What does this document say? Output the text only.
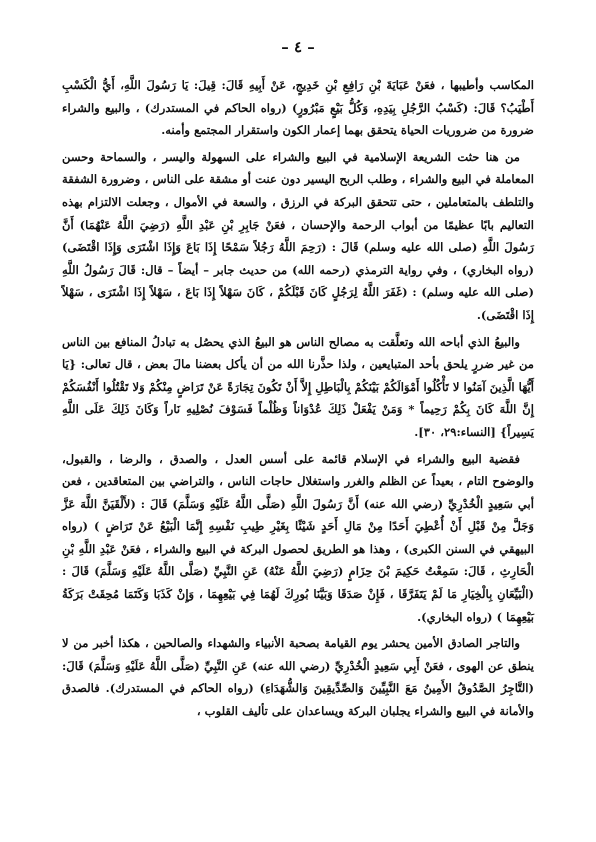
– ٤ –

المكاسب وأطيبها ، فعَنْ عَبَايَةَ بْنِ رَافِعِ بْنِ خَدِيجٍ، عَنْ أَبِيهِ قَالَ: قِيلَ: يَا رَسُولَ اللَّهِ، أَيُّ الْكَسْبِ أَطْيَبُ؟ قَالَ: (كَسْبُ الرَّجُلِ بِيَدِهِ، وَكُلُّ بَيْعٍ مَبْرُورٍ) (رواه الحاكم في المستدرك) ، والبيع والشراء ضرورة من ضروريات الحياة يتحقق بهما إعمار الكون واستقرار المجتمع وأمنه.

من هنا حثت الشريعة الإسلامية في البيع والشراء على السهولة واليسر ، والسماحة وحسن المعاملة في البيع والشراء ، وطلب الربح اليسير دون عنت أو مشقة على الناس ، وضرورة الشفقة والتلطف بالمتعاملين ، حتى تتحقق البركة في الرزق ، والسعة في الأموال ، وجعلت الالتزام بهذه التعاليم بابًا عظيمًا من أبواب الرحمة والإحسان ، فعَنْ جَابِرِ بْنِ عَبْدِ اللَّهِ (رَضِيَ اللَّهُ عَنْهُمَا) أَنَّ رَسُولَ اللَّهِ (صلى الله عليه وسلم) قَالَ : (رَحِمَ اللَّهُ رَجُلاً سَمْحًا إِذَا بَاعَ وَإِذَا اشْتَرَى وَإِذَا اقْتَضَى) (رواه البخاري) ، وفي رواية الترمذي (رحمه الله) من حديث جابر – أيضاً – قال: قَالَ رَسُولُ اللَّهِ (صلى الله عليه وسلم) : (غَفَرَ اللَّهُ لِرَجُلٍ كَانَ قَبْلَكُمْ ، كَانَ سَهْلاً إِذَا بَاعَ ، سَهْلاً إِذَا اشْتَرَى ، سَهْلاً إِذَا اقْتَضَى).

والبيعُ الذي أباحه الله وتعلَّقت به مصالح الناس هو البيعُ الذي يحصُل به تبادلُ المنافع بين الناس من غير ضررٍ يلحق بأحد المتبايعين ، ولذا حذَّرنا الله من أن يأكل بعضنا مالَ بعض ، قال تعالى: {يَا أَيُّهَا الَّذِينَ آمَنُوا لا تَأْكُلُوا أَمْوَالَكُمْ بَيْنَكُمْ بِالْبَاطِلِ إِلاَّ أَنْ تَكُونَ تِجَارَةً عَنْ تَرَاضٍ مِنْكُمْ وَلا تَقْتُلُوا أَنْفُسَكُمْ إِنَّ اللَّهَ كَانَ بِكُمْ رَحِيماً * وَمَنْ يَفْعَلْ ذَلِكَ عُدْوَاناً وَظُلْماً فَسَوْفَ نُصْلِيهِ نَاراً وَكَانَ ذَلِكَ عَلَى اللَّهِ يَسِيراً} [النساء:٢٩، ٣٠].

فقضية البيع والشراء في الإسلام قائمة على أسس العدل ، والصدق ، والرضا ، والقبول، والوضوح التام ، بعيداً عن الظلم والغرر واستغلال حاجات الناس ، والتراضي بين المتعاقدين ، فعن أبي سَعِيدٍ الْخُدْرِيِّ (رضي الله عنه) أَنَّ رَسُولَ اللَّهِ (صَلَّى اللَّهُ عَلَيْهِ وَسَلَّمَ) قَالَ : (لأَلْقَيَنَّ اللَّهَ عَزَّ وَجَلَّ مِنْ قَبْلِ أَنْ أُعْطِيَ أَحَدًا مِنْ مَالِ أَحَدٍ شَيْئًا بِغَيْرِ طِيبِ نَفْسِهِ إِنَّمَا الْبَيْعُ عَنْ تَرَاضٍ ) (رواه البيهقي في السنن الكبرى) ، وهذا هو الطريق لحصول البركة في البيع والشراء ، فعَنْ عَبْدِ اللَّهِ بْنِ الْحَارِثِ ، قَالَ: سَمِعْتُ حَكِيمَ بْنَ حِزَامٍ (رَضِيَ اللَّهُ عَنْهُ) عَنِ النَّبِيِّ (صَلَّى اللَّهُ عَلَيْهِ وَسَلَّمَ) قَالَ : (الْبَيِّعَانِ بِالْخِيَارِ مَا لَمْ يَتَفَرَّقَا ، فَإِنْ صَدَقَا وَبَيَّنَا بُورِكَ لَهُمَا فِي بَيْعِهِمَا ، وَإِنْ كَذَبَا وَكَتَمَا مُحِقَتْ بَرَكَةُ بَيْعِهِمَا ) (رواه البخاري).

والتاجر الصادق الأمين يحشر يوم القيامة بصحبة الأنبياء والشهداء والصالحين ، هكذا أخبر من لا ينطق عن الهوى ، فعَنْ أَبِي سَعِيدٍ الْخُدْرِيِّ (رضي الله عنه) عَنِ النَّبِيِّ (صَلَّى اللَّهُ عَلَيْهِ وَسَلَّمَ) قَالَ: (التَّاجِرُ الصَّدُوقُ الأَمِينُ مَعَ النَّبِيِّينَ وَالصِّدِّيقِينَ وَالشُّهَدَاءِ) (رواه الحاكم في المستدرك). فالصدق والأمانة في البيع والشراء يجلبان البركة ويساعدان على تأليف القلوب ،
